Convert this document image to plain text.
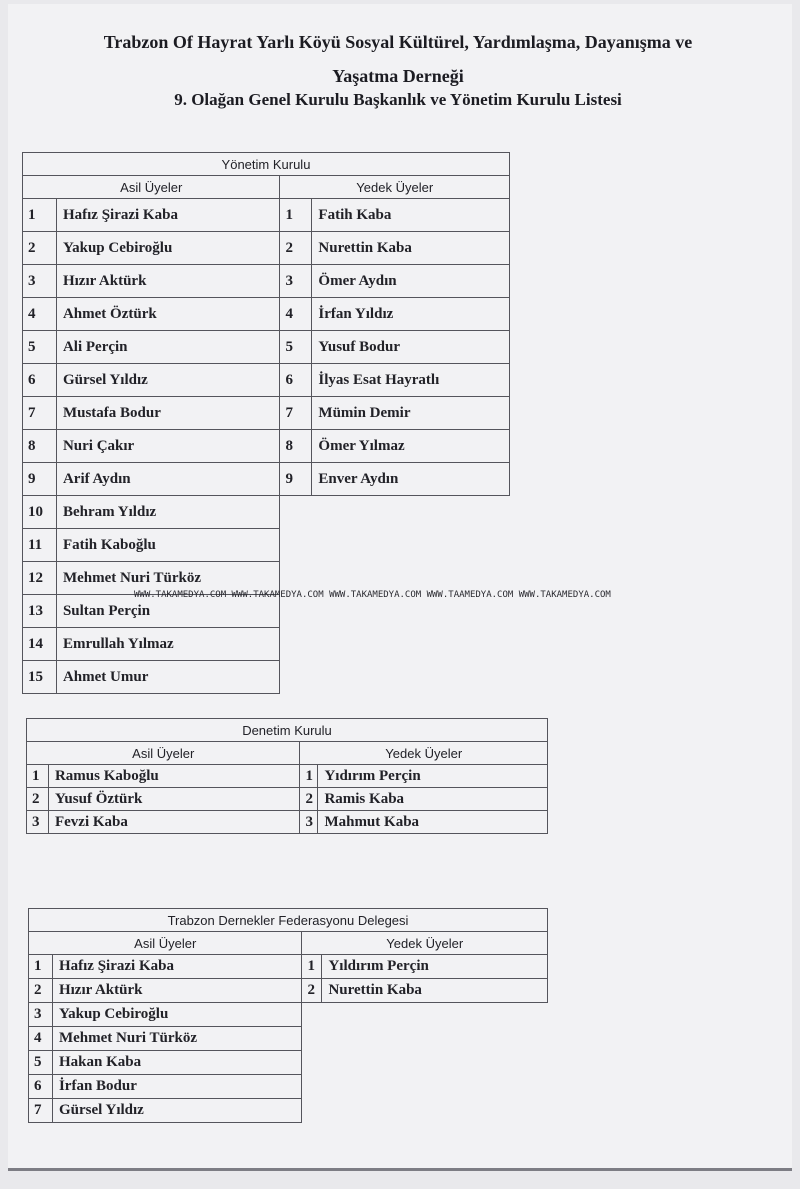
Trabzon Of Hayrat Yarlı Köyü Sosyal Kültürel, Yardımlaşma, Dayanışma ve
Yaşatma Derneği
9. Olağan Genel Kurulu Başkanlık ve Yönetim Kurulu Listesi
Yönetim Kurulu			
Asil Üyeler		Yedek Üyeler	
1	Hafız Şirazi Kaba	1	Fatih Kaba
2	Yakup Cebiroğlu	2	Nurettin Kaba
3	Hızır Aktürk	3	Ömer Aydın
4	Ahmet Öztürk	4	İrfan Yıldız
5	Ali Perçin	5	Yusuf Bodur
6	Gürsel Yıldız	6	İlyas Esat Hayratlı
7	Mustafa Bodur	7	Mümin Demir
8	Nuri Çakır	8	Ömer Yılmaz
9	Arif Aydın	9	Enver Aydın
10	Behram Yıldız		
11	Fatih Kaboğlu		
12	Mehmet Nuri Türköz		
13	Sultan Perçin		
14	Emrullah Yılmaz		
15	Ahmet Umur		
WWW.TAKAMEDYA.COM WWW.TAKAMEDYA.COM WWW.TAKAMEDYA.COM WWW.TAAMEDYA.COM WWW.TAKAMEDYA.COM
Denetim Kurulu			
Asil Üyeler		Yedek Üyeler	
1	Ramus Kaboğlu	1	Yıdırım Perçin
2	Yusuf Öztürk	2	Ramis Kaba
3	Fevzi Kaba	3	Mahmut Kaba
Trabzon Dernekler Federasyonu Delegesi			
Asil Üyeler		Yedek Üyeler	
1	Hafız Şirazi Kaba	1	Yıldırım Perçin
2	Hızır Aktürk	2	Nurettin Kaba
3	Yakup Cebiroğlu		
4	Mehmet Nuri Türköz		
5	Hakan Kaba		
6	İrfan Bodur		
7	Gürsel Yıldız		
